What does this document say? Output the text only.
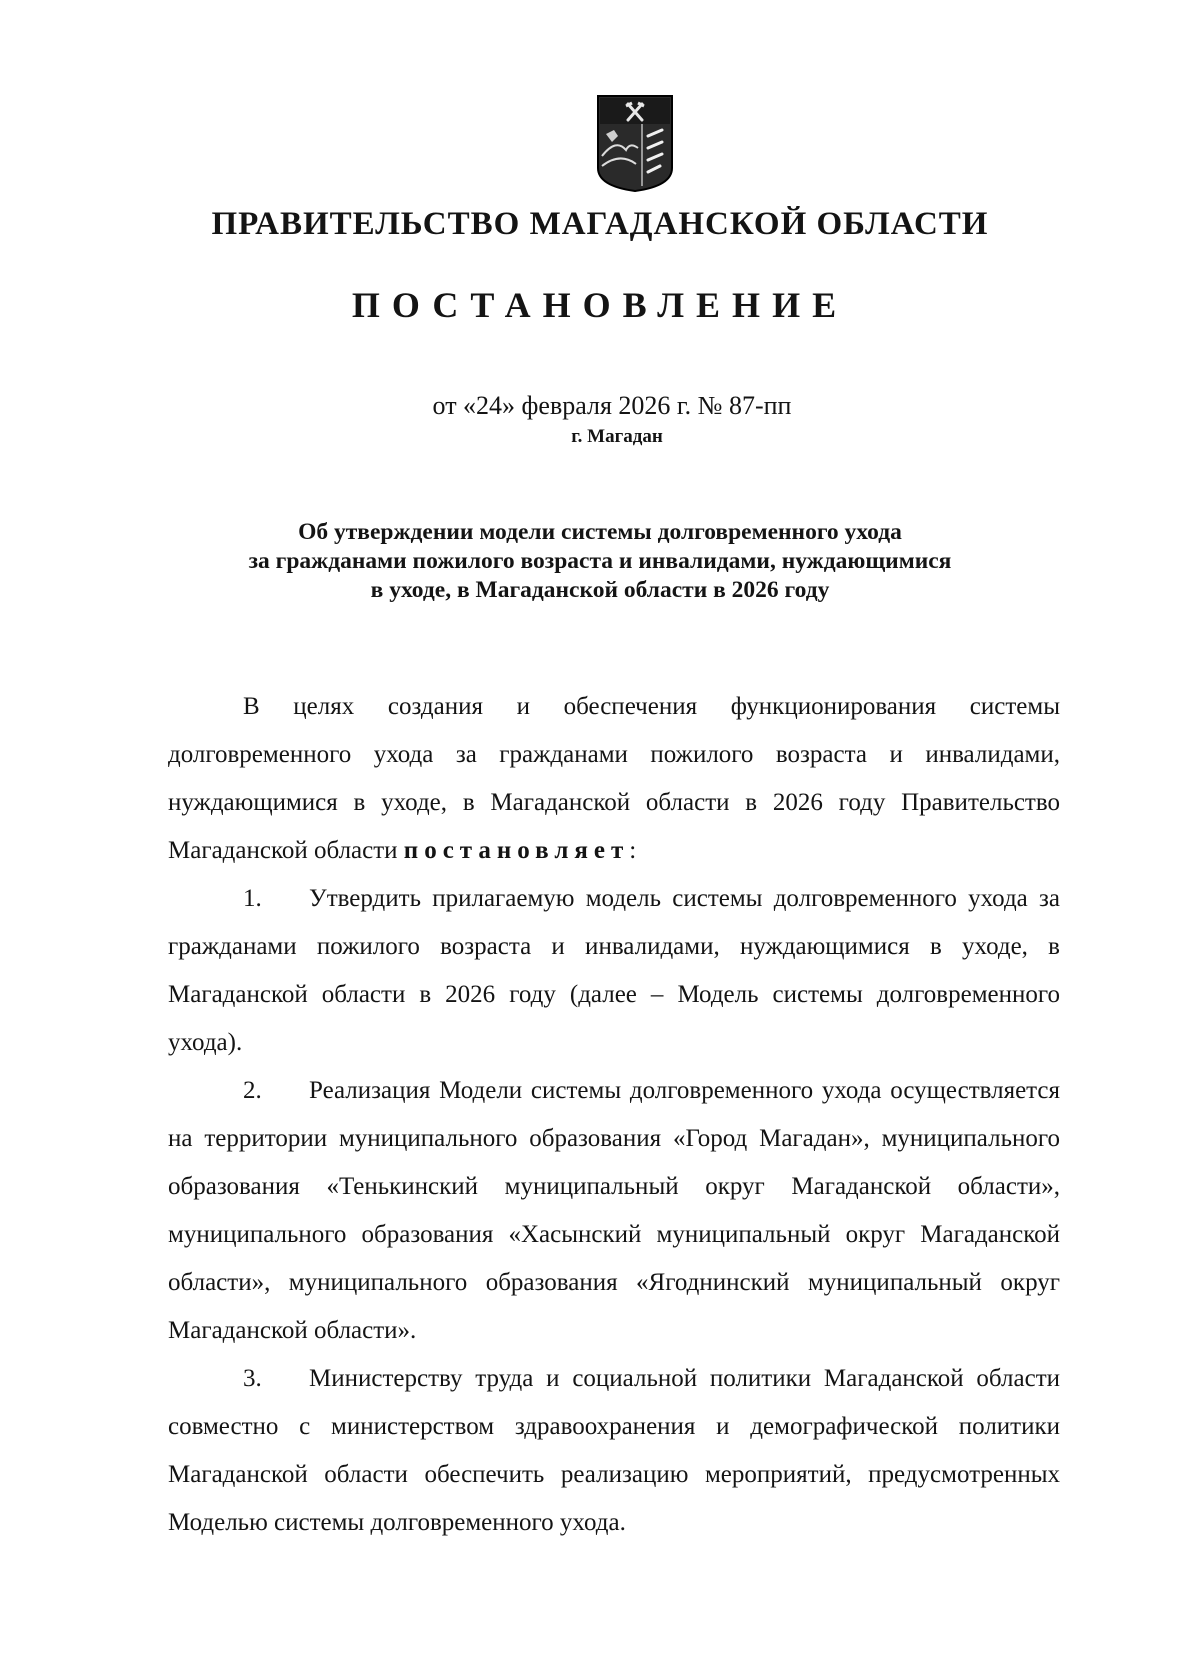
ПРАВИТЕЛЬСТВО МАГАДАНСКОЙ ОБЛАСТИ
ПОСТАНОВЛЕНИЕ
от «24» февраля 2026 г. № 87-пп
г. Магадан
Об утверждении модели системы долговременного ухода
за гражданами пожилого возраста и инвалидами, нуждающимися
в уходе, в Магаданской области в 2026 году

В целях создания и обеспечения функционирования системы долговременного ухода за гражданами пожилого возраста и инвалидами, нуждающимися в уходе, в Магаданской области в 2026 году Правительство Магаданской области постановляет:

1. Утвердить прилагаемую модель системы долговременного ухода за гражданами пожилого возраста и инвалидами, нуждающимися в уходе, в Магаданской области в 2026 году (далее – Модель системы долговременного ухода).

2. Реализация Модели системы долговременного ухода осуществляется на территории муниципального образования «Город Магадан», муниципального образования «Тенькинский муниципальный округ Магаданской области», муниципального образования «Хасынский муниципальный округ Магаданской области», муниципального образования «Ягоднинский муниципальный округ Магаданской области».

3. Министерству труда и социальной политики Магаданской области совместно с министерством здравоохранения и демографической политики Магаданской области обеспечить реализацию мероприятий, предусмотренных Моделью системы долговременного ухода.
